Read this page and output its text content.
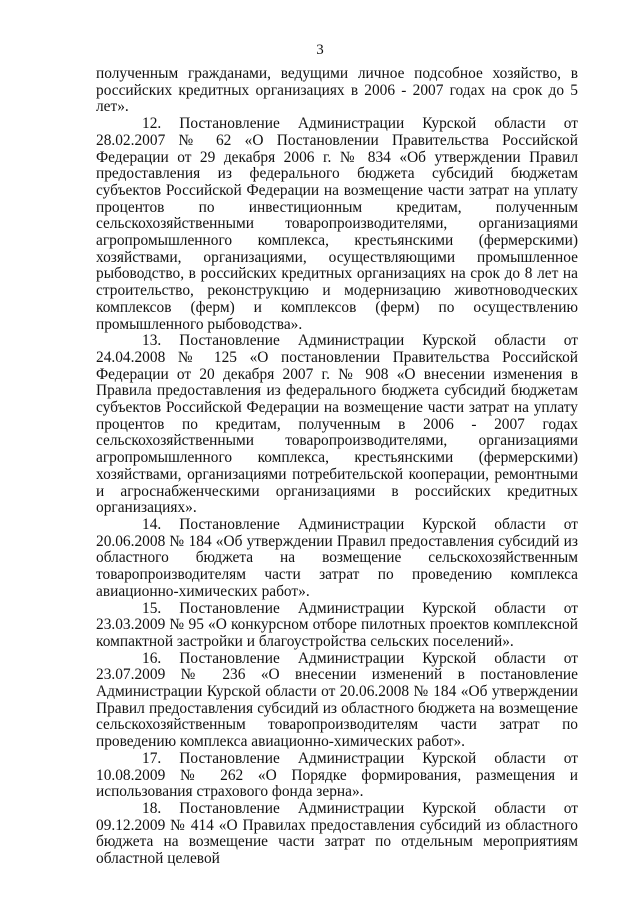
3

полученным гражданами, ведущими личное подсобное хозяйство, в российских кредитных организациях в 2006 - 2007 годах на срок до 5 лет».

12. Постановление Администрации Курской области от 28.02.2007 № 62 «О Постановлении Правительства Российской Федерации от 29 декабря 2006 г. № 834 «Об утверждении Правил предоставления из федерального бюджета субсидий бюджетам субъектов Российской Федерации на возмещение части затрат на уплату процентов по инвестиционным кредитам, полученным сельскохозяйственными товаропроизводителями, организациями агропромышленного комплекса, крестьянскими (фермерскими) хозяйствами, организациями, осуществляющими промышленное рыбоводство, в российских кредитных организациях на срок до 8 лет на строительство, реконструкцию и модернизацию животноводческих комплексов (ферм) и комплексов (ферм) по осуществлению промышленного рыбоводства».

13. Постановление Администрации Курской области от 24.04.2008 № 125 «О постановлении Правительства Российской Федерации от 20 декабря 2007 г. № 908 «О внесении изменения в Правила предоставления из федерального бюджета субсидий бюджетам субъектов Российской Федерации на возмещение части затрат на уплату процентов по кредитам, полученным в 2006 - 2007 годах сельскохозяйственными товаропроизводителями, организациями агропромышленного комплекса, крестьянскими (фермерскими) хозяйствами, организациями потребительской кооперации, ремонтными и агроснабженческими организациями в российских кредитных организациях».

14. Постановление Администрации Курской области от 20.06.2008 № 184 «Об утверждении Правил предоставления субсидий из областного бюджета на возмещение сельскохозяйственным товаропроизводителям части затрат по проведению комплекса авиационно-химических работ».

15. Постановление Администрации Курской области от 23.03.2009 № 95 «О конкурсном отборе пилотных проектов комплексной компактной застройки и благоустройства сельских поселений».

16. Постановление Администрации Курской области от 23.07.2009 № 236 «О внесении изменений в постановление Администрации Курской области от 20.06.2008 № 184 «Об утверждении Правил предоставления субсидий из областного бюджета на возмещение сельскохозяйственным товаропроизводителям части затрат по проведению комплекса авиационно-химических работ».

17. Постановление Администрации Курской области от 10.08.2009 № 262 «О Порядке формирования, размещения и использования страхового фонда зерна».

18. Постановление Администрации Курской области от 09.12.2009 № 414 «О Правилах предоставления субсидий из областного бюджета на возмещение части затрат по отдельным мероприятиям областной целевой
